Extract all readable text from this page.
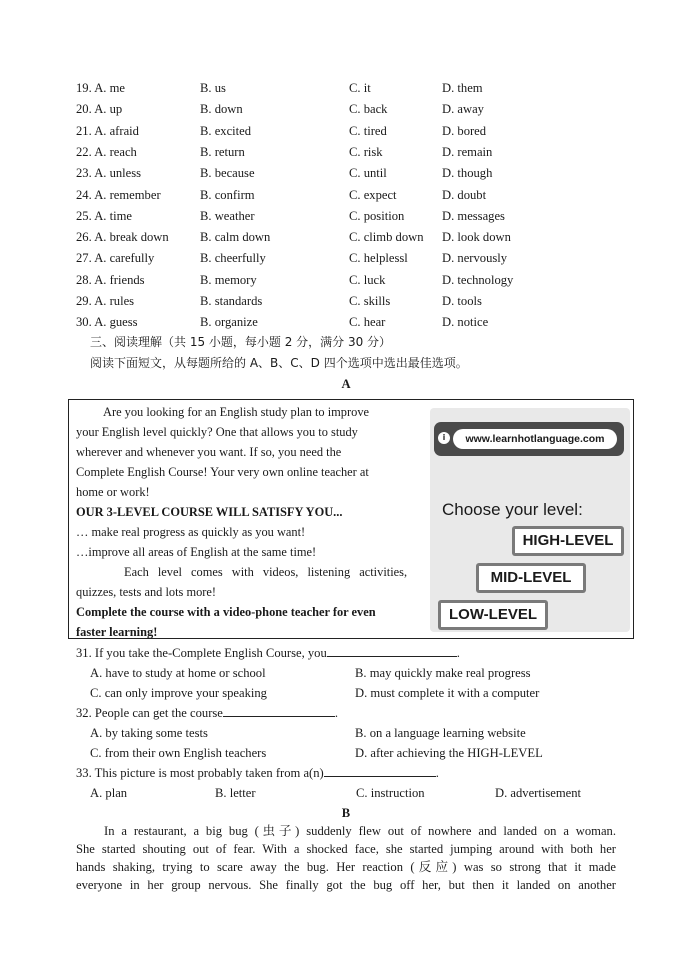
19. A. me	B. us	C. it	D. them
20. A. up	B. down	C. back	D. away
21. A. afraid	B. excited	C. tired	D. bored
22. A. reach	B. return	C. risk	D. remain
23. A. unless	B. because	C. until	D. though
24. A. remember	B. confirm	C. expect	D. doubt
25. A. time	B. weather	C. position	D. messages
26. A. break down B. calm down	C. climb down D. look down
27. A. carefully	B. cheerfully	C. helplessl	D. nervously
28. A. friends	B. memory	C. luck	D. technology
29. A. rules	B. standards	C. skills	D. tools
30. A. guess	B. organize	C. hear	D. notice
三、阅读理解（共 15 小题，每小题 2 分，满分 30 分）
阅读下面短文，从每题所给的 A、B、C、D 四个选项中选出最佳选项。
A
Are you looking for an English study plan to improve
your English level quickly? One that allows you to study
wherever and whenever you want. If so, you need the
Complete English Course! Your very own online teacher at
home or work!
OUR 3-LEVEL COURSE WILL SATISFY YOU...
… make real progress as quickly as you want!
…improve all areas of English at the same time!
Each level comes with videos, listening activities,
quizzes, tests and lots more!
Complete the course with a video-phone teacher for even
faster learning!
i	www.learnhotlanguage.com
Choose your level:
HIGH-LEVEL
MID-LEVEL
LOW-LEVEL
31. If you take the-Complete English Course, you	.
A. have to study at home or school	B. may quickly make real progress
C. can only improve your speaking	D. must complete it with a computer
32. People can get the course	.
A. by taking some tests	B. on a language learning website
C. from their own English teachers	D. after achieving the HIGH-LEVEL
33. This picture is most probably taken from a(n)	.
A. plan	B. letter	C. instruction	D. advertisement
B
In a restaurant, a big bug (虫子) suddenly flew out of nowhere and landed on a woman.
She started shouting out of fear. With a shocked face, she started jumping around with both her
hands shaking, trying to scare away the bug. Her reaction (反应) was so strong that it made
everyone in her group nervous. She finally got the bug off her, but then it landed on another
